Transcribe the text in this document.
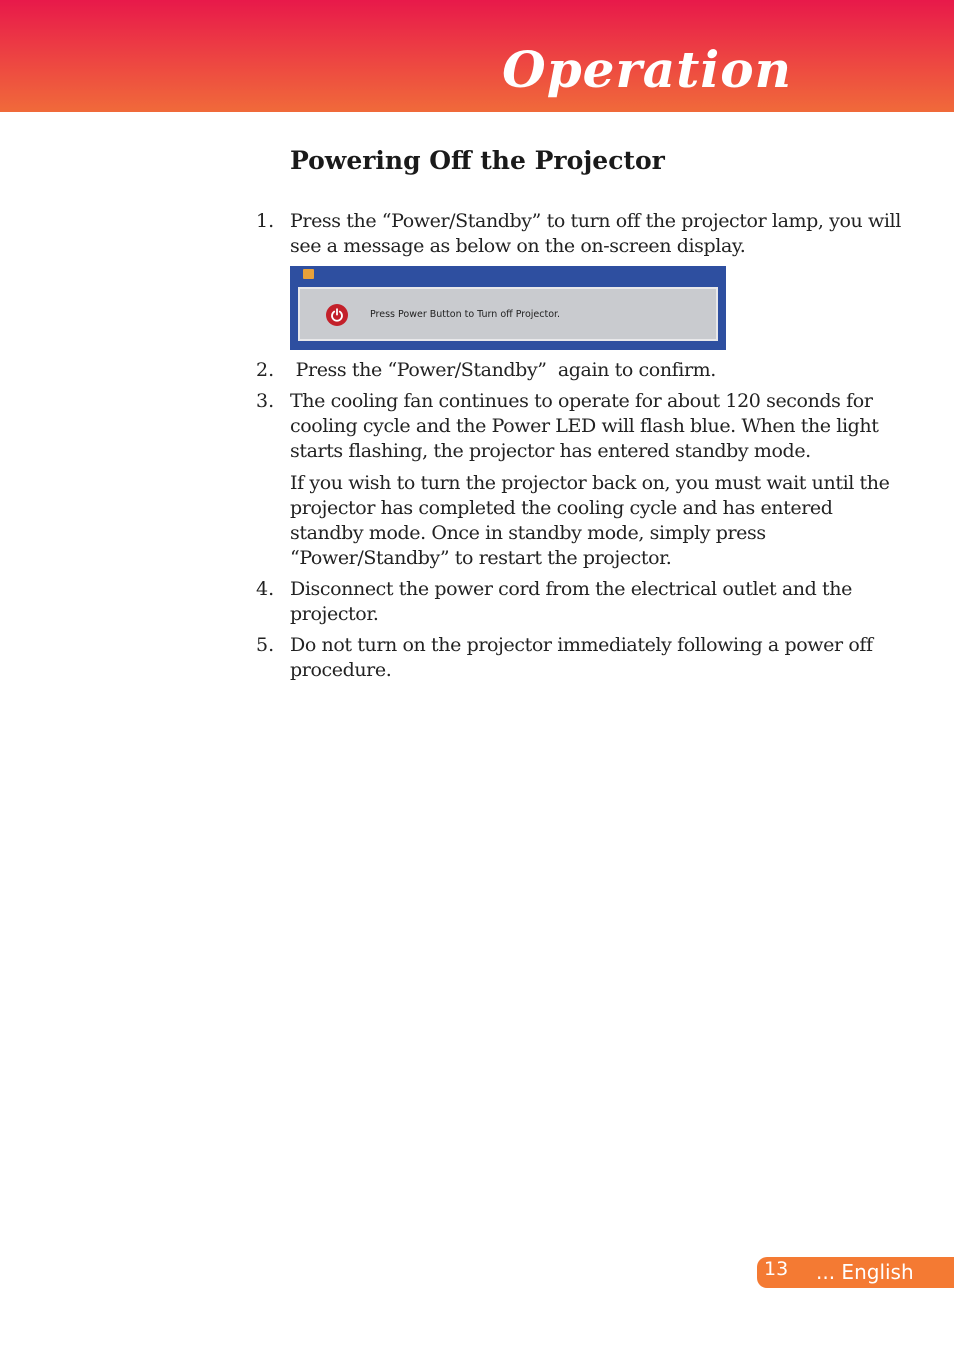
Operation
Powering Off the Projector
1. Press the “Power/Standby” to turn off the projector lamp, you will see a message as below on the on-screen display.
Press Power Button to Turn off Projector.
2. Press the “Power/Standby”  again to confirm.
3. The cooling fan continues to operate for about 120 seconds for cooling cycle and the Power LED will flash blue. When the light starts flashing, the projector has entered standby mode.
If you wish to turn the projector back on, you must wait until the projector has completed the cooling cycle and has entered standby mode. Once in standby mode, simply press “Power/Standby” to restart the projector.
4. Disconnect the power cord from the electrical outlet and the projector.
5. Do not turn on the projector immediately following a power off procedure.
13 ... English
